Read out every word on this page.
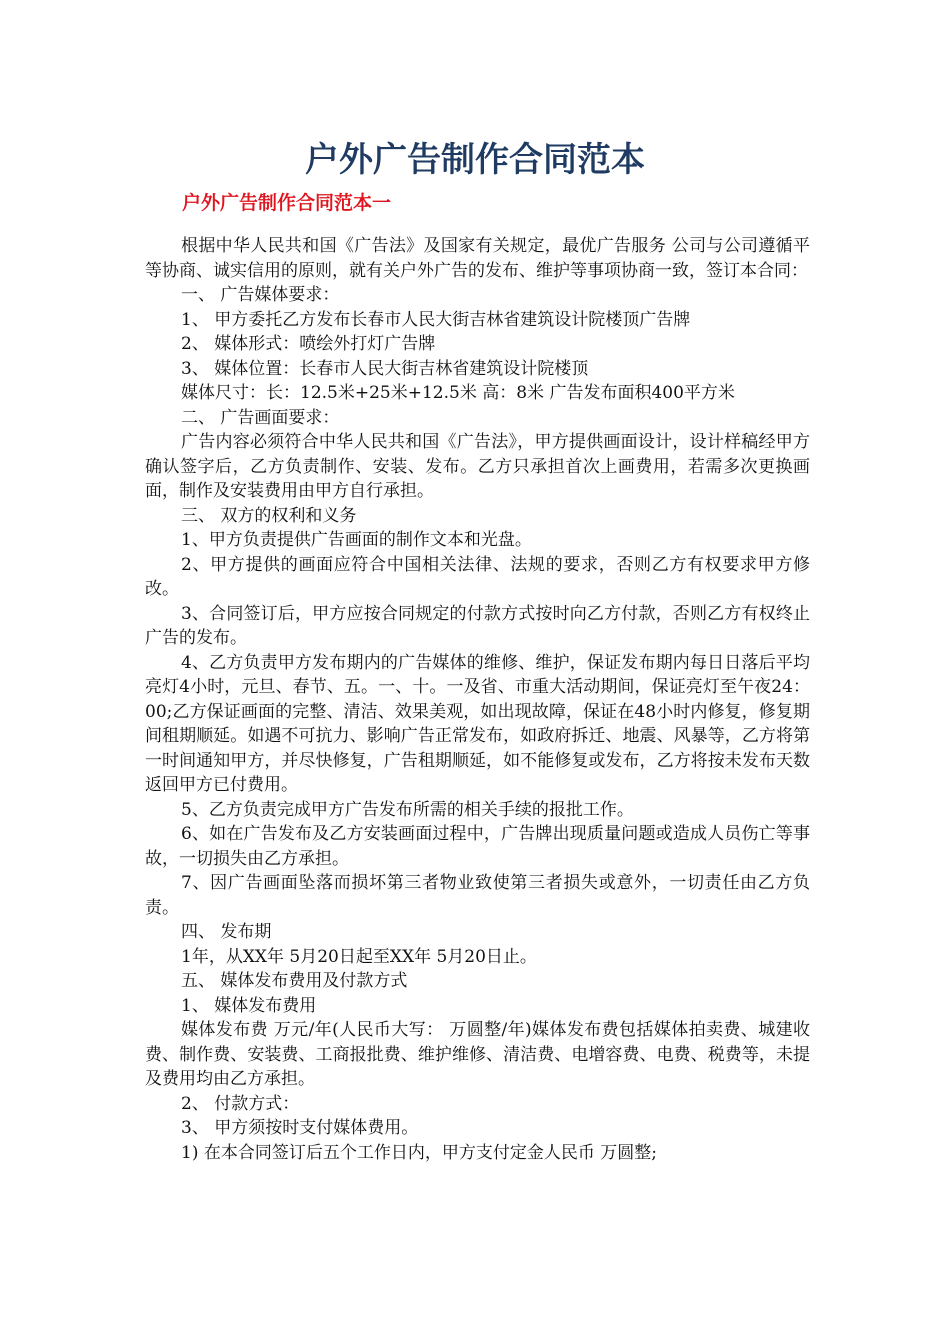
户外广告制作合同范本
户外广告制作合同范本一

根据中华人民共和国《广告法》及国家有关规定，最优广告服务 公司与公司遵循平等协商、诚实信用的原则，就有关户外广告的发布、维护等事项协商一致，签订本合同：

一、 广告媒体要求：

1、 甲方委托乙方发布长春市人民大街吉林省建筑设计院楼顶广告牌

2、 媒体形式：喷绘外打灯广告牌

3、 媒体位置：长春市人民大街吉林省建筑设计院楼顶

媒体尺寸：长：12.5米+25米+12.5米 高：8米 广告发布面积400平方米

二、 广告画面要求：

广告内容必须符合中华人民共和国《广告法》，甲方提供画面设计，设计样稿经甲方确认签字后，乙方负责制作、安装、发布。乙方只承担首次上画费用，若需多次更换画面，制作及安装费用由甲方自行承担。

三、 双方的权利和义务

1、甲方负责提供广告画面的制作文本和光盘。

2、甲方提供的画面应符合中国相关法律、法规的要求，否则乙方有权要求甲方修改。

3、合同签订后，甲方应按合同规定的付款方式按时向乙方付款，否则乙方有权终止广告的发布。

4、乙方负责甲方发布期内的广告媒体的维修、维护，保证发布期内每日日落后平均亮灯4小时，元旦、春节、五。一、十。一及省、市重大活动期间，保证亮灯至午夜24：00;乙方保证画面的完整、清洁、效果美观，如出现故障，保证在48小时内修复，修复期间租期顺延。如遇不可抗力、影响广告正常发布，如政府拆迁、地震、风暴等，乙方将第一时间通知甲方，并尽快修复，广告租期顺延，如不能修复或发布，乙方将按未发布天数返回甲方已付费用。

5、乙方负责完成甲方广告发布所需的相关手续的报批工作。

6、如在广告发布及乙方安装画面过程中，广告牌出现质量问题或造成人员伤亡等事故，一切损失由乙方承担。

7、因广告画面坠落而损坏第三者物业致使第三者损失或意外，一切责任由乙方负责。

四、 发布期

1年，从XX年 5月20日起至XX年 5月20日止。

五、 媒体发布费用及付款方式

1、 媒体发布费用

媒体发布费 万元/年(人民币大写： 万圆整/年)媒体发布费包括媒体拍卖费、城建收费、制作费、安装费、工商报批费、维护维修、清洁费、电增容费、电费、税费等，未提及费用均由乙方承担。

2、 付款方式：

3、 甲方须按时支付媒体费用。

1) 在本合同签订后五个工作日内，甲方支付定金人民币 万圆整;
